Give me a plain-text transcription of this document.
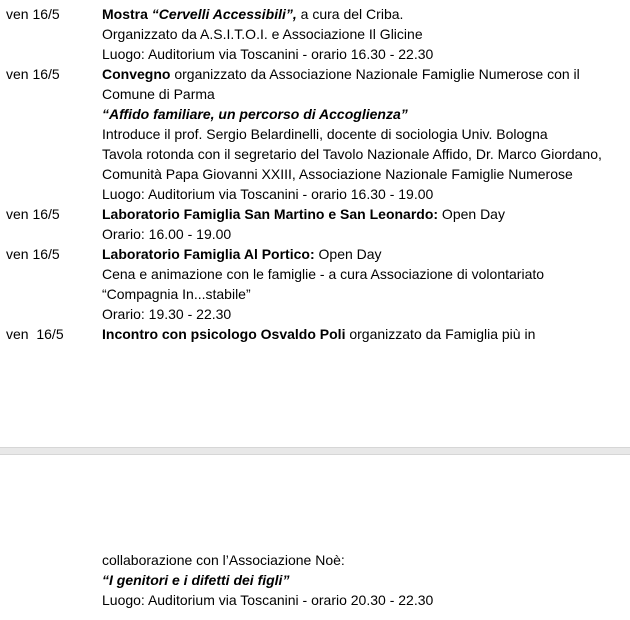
ven 16/5	Mostra “Cervelli Accessibili”, a cura del Criba.
Organizzato da A.S.I.T.O.I. e Associazione Il Glicine
Luogo: Auditorium via Toscanini - orario 16.30 - 22.30
ven 16/5	Convegno organizzato da Associazione Nazionale Famiglie Numerose con il
Comune di Parma
“Affido familiare, un percorso di Accoglienza”
Introduce il prof. Sergio Belardinelli, docente di sociologia Univ. Bologna
Tavola rotonda con il segretario del Tavolo Nazionale Affido, Dr. Marco Giordano,
Comunità Papa Giovanni XXIII, Associazione Nazionale Famiglie Numerose
Luogo: Auditorium via Toscanini - orario 16.30 - 19.00
ven 16/5	Laboratorio Famiglia San Martino e San Leonardo: Open Day
Orario: 16.00 - 19.00
ven 16/5	Laboratorio Famiglia Al Portico: Open Day
Cena e animazione con le famiglie - a cura Associazione di volontariato
“Compagnia In...stabile”
Orario: 19.30 - 22.30
ven  16/5	Incontro con psicologo Osvaldo Poli organizzato da Famiglia più in
collaborazione con l’Associazione Noè:
“I genitori e i difetti dei figli”
Luogo: Auditorium via Toscanini - orario 20.30 - 22.30
